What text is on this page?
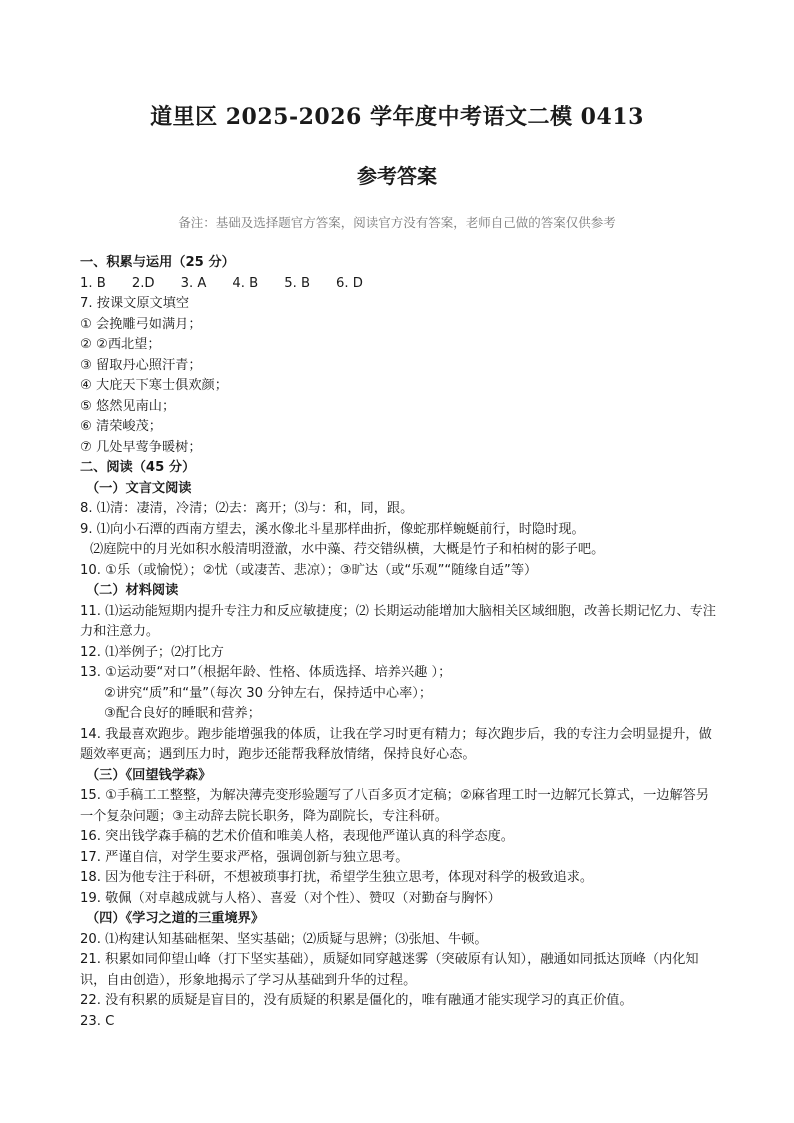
道里区 2025-2026 学年度中考语文二模 0413
参考答案
备注：基础及选择题官方答案，阅读官方没有答案，老师自己做的答案仅供参考
一、积累与运用（25 分）
1. B 2.D 3. A 4. B 5. B 6. D
7. 按课文原文填空
① 会挽雕弓如满月；
② ②西北望；
③ 留取丹心照汗青；
④ 大庇天下寒士俱欢颜；
⑤ 悠然见南山；
⑥ 清荣峻茂；
⑦ 几处早莺争暖树；
二、阅读（45 分）
（一）文言文阅读
8. ⑴清：凄清，冷清；⑵去：离开；⑶与：和，同，跟。
9. ⑴向小石潭的西南方望去，溪水像北斗星那样曲折，像蛇那样蜿蜒前行，时隐时现。
⑵庭院中的月光如积水般清明澄澈，水中藻、荇交错纵横，大概是竹子和柏树的影子吧。
10. ①乐（或愉悦）；②忧（或凄苦、悲凉）；③旷达（或“乐观”“随缘自适”等）
（二）材料阅读
11. ⑴运动能短期内提升专注力和反应敏捷度；⑵ 长期运动能增加大脑相关区域细胞，改善长期记忆力、专注力和注意力。
12. ⑴举例子；⑵打比方
13. ①运动要“对口”（根据年龄、性格、体质选择、培养兴趣 ）；
②讲究“质”和“量”（每次 30 分钟左右，保持适中心率）；
③配合良好的睡眠和营养；
14. 我最喜欢跑步。跑步能增强我的体质，让我在学习时更有精力；每次跑步后，我的专注力会明显提升，做题效率更高；遇到压力时，跑步还能帮我释放情绪，保持良好心态。
（三）《回望钱学森》
15. ①手稿工工整整，为解决薄壳变形验题写了八百多页才定稿；②麻省理工时一边解冗长算式，一边解答另一个复杂问题；③主动辞去院长职务，降为副院长，专注科研。
16. 突出钱学森手稿的艺术价值和唯美人格，表现他严谨认真的科学态度。
17. 严谨自信，对学生要求严格，强调创新与独立思考。
18. 因为他专注于科研，不想被琐事打扰，希望学生独立思考，体现对科学的极致追求。
19. 敬佩（对卓越成就与人格）、喜爱（对个性）、赞叹（对勤奋与胸怀）
（四）《学习之道的三重境界》
20. ⑴构建认知基础框架、坚实基础；⑵质疑与思辨；⑶张旭、牛顿。
21. 积累如同仰望山峰（打下坚实基础），质疑如同穿越迷雾（突破原有认知），融通如同抵达顶峰（内化知识，自由创造），形象地揭示了学习从基础到升华的过程。
22. 没有积累的质疑是盲目的，没有质疑的积累是僵化的，唯有融通才能实现学习的真正价值。
23. C
